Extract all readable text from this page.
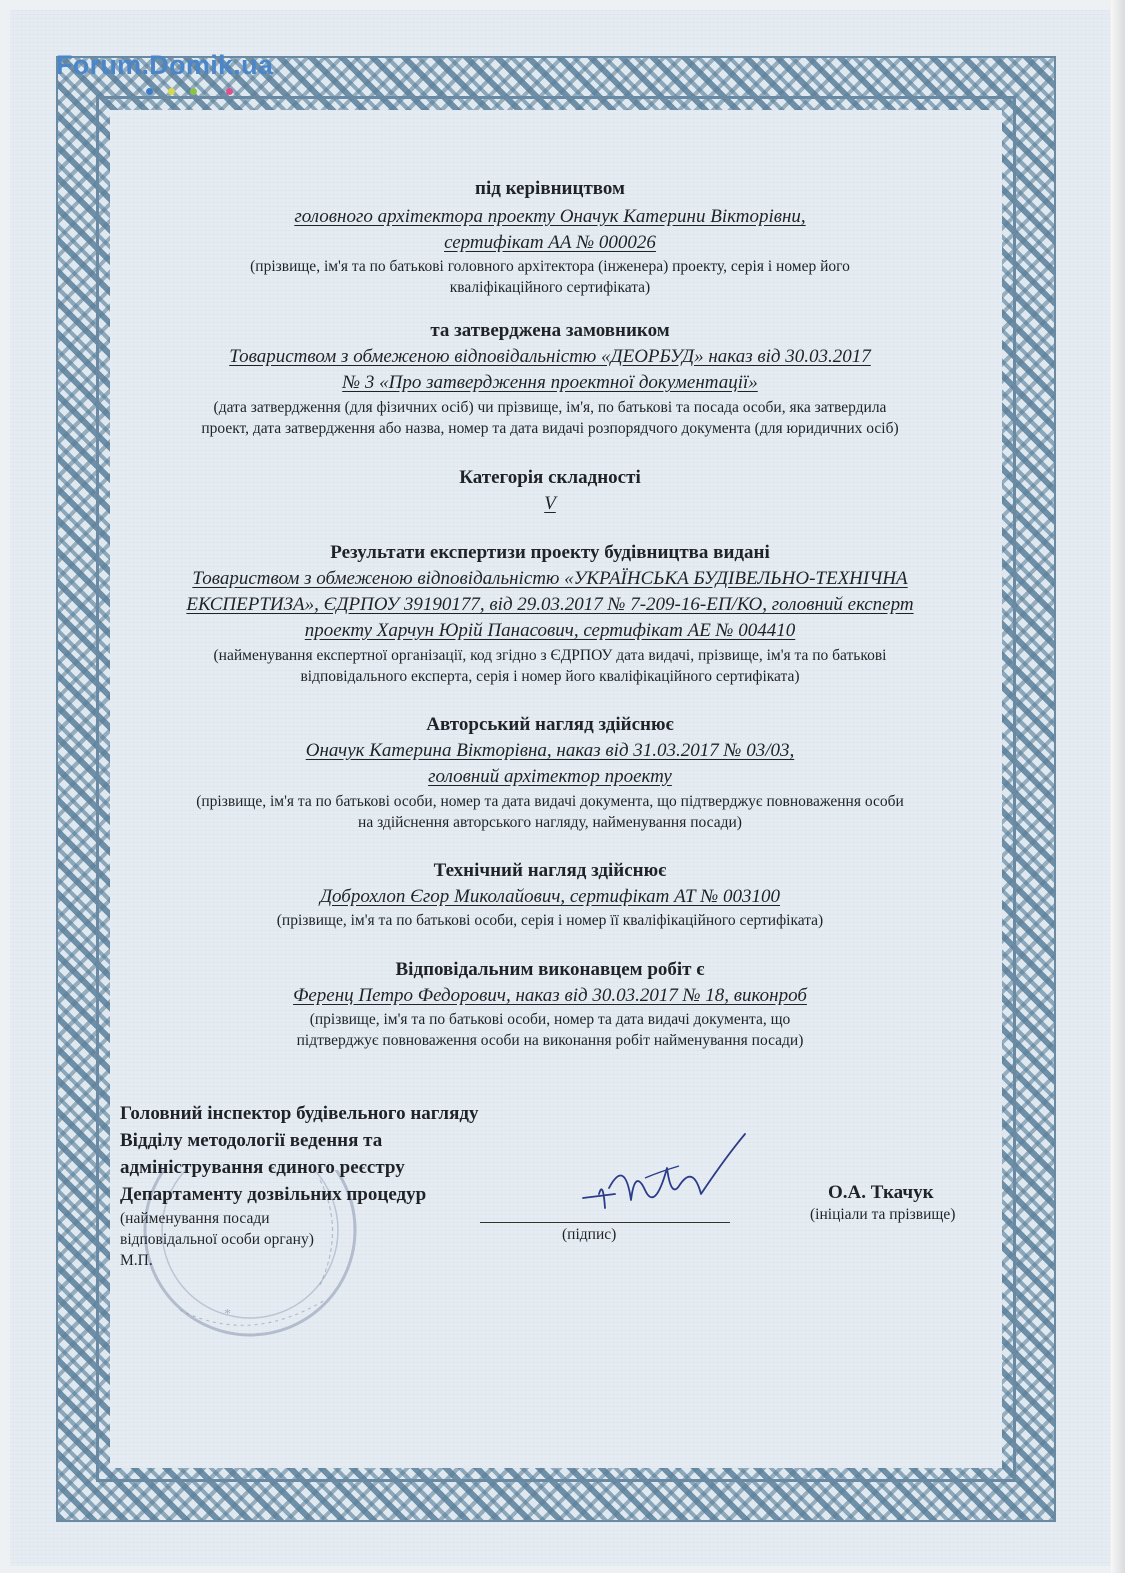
Forum.Domik.ua
під керівництвом
головного архітектора проекту Оначук Катерини Вікторівни,
сертифікат АА № 000026
(прізвище, ім'я та по батькові головного архітектора (інженера) проекту, серія і номер його
кваліфікаційного сертифіката)
та затверджена замовником
Товариством з обмеженою відповідальністю «ДЕОРБУД» наказ від 30.03.2017
№ 3 «Про затвердження проектної документації»
(дата затвердження (для фізичних осіб) чи прізвище, ім'я, по батькові та посада особи, яка затвердила
проект, дата затвердження або назва, номер та дата видачі розпорядчого документа (для юридичних осіб)
Категорія складності
V
Результати експертизи проекту будівництва видані
Товариством з обмеженою відповідальністю «УКРАЇНСЬКА БУДІВЕЛЬНО-ТЕХНІЧНА
ЕКСПЕРТИЗА», ЄДРПОУ 39190177, від 29.03.2017 № 7-209-16-ЕП/КО, головний експерт
проекту Харчун Юрій Панасович, сертифікат АЕ № 004410
(найменування експертної організації, код згідно з ЄДРПОУ дата видачі, прізвище, ім'я та по батькові
відповідального експерта, серія і номер його кваліфікаційного сертифіката)
Авторський нагляд здійснює
Оначук Катерина Вікторівна, наказ від 31.03.2017 № 03/03,
головний архітектор проекту
(прізвище, ім'я та по батькові особи, номер та дата видачі документа, що підтверджує повноваження особи
на здійснення авторського нагляду, найменування посади)
Технічний нагляд здійснює
Доброхлоп Єгор Миколайович, сертифікат АТ № 003100
(прізвище, ім'я та по батькові особи, серія і номер її кваліфікаційного сертифіката)
Відповідальним виконавцем робіт є
Ференц Петро Федорович, наказ від 30.03.2017 № 18, виконроб
(прізвище, ім'я та по батькові особи, номер та дата видачі документа, що
підтверджує повноваження особи на виконання робіт найменування посади)
*
Головний інспектор будівельного нагляду
Відділу методології ведення та
адміністрування єдиного реєстру
Департаменту дозвільних процедур
(найменування посади
відповідальної особи органу)
М.П.
(підпис)
О.А. Ткачук
(ініціали та прізвище)
